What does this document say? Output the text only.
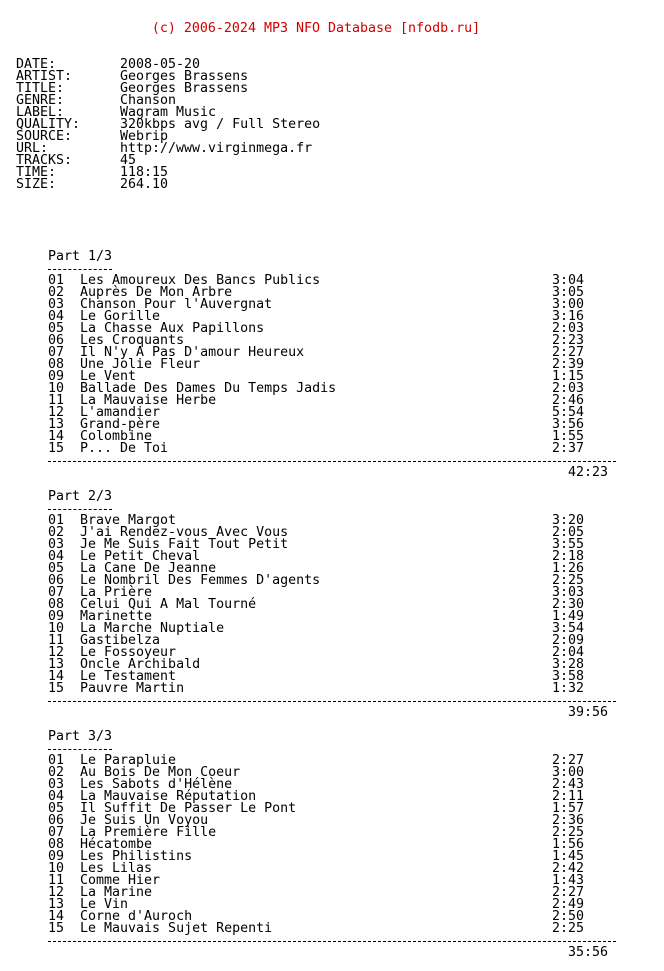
(c) 2006-2024 MP3 NFO Database [nfodb.ru]

DATE:	2008-05-20
ARTIST:	Georges Brassens
TITLE:	Georges Brassens
GENRE:	Chanson
LABEL:	Wagram Music
QUALITY:	320kbps avg / Full Stereo
SOURCE:	Webrip
URL:	http://www.virginmega.fr
TRACKS:	45
TIME:	118:15
SIZE:	264.10

Part 1/3
01 Les Amoureux Des Bancs Publics	3:04
02 Auprès De Mon Arbre	3:05
03 Chanson Pour l'Auvergnat	3:00
04 Le Gorille	3:16
05 La Chasse Aux Papillons	2:03
06 Les Croquants	2:23
07 Il N'y A Pas D'amour Heureux	2:27
08 Une Jolie Fleur	2:39
09 Le Vent	1:15
10 Ballade Des Dames Du Temps Jadis	2:03
11 La Mauvaise Herbe	2:46
12 L'amandier	5:54
13 Grand-père	3:56
14 Colombine	1:55
15 P... De Toi	2:37
42:23
Part 2/3
01 Brave Margot	3:20
02 J'ai Rendez-vous Avec Vous	2:05
03 Je Me Suis Fait Tout Petit	3:55
04 Le Petit Cheval	2:18
05 La Cane De Jeanne	1:26
06 Le Nombril Des Femmes D'agents	2:25
07 La Prière	3:03
08 Celui Qui A Mal Tourné	2:30
09 Marinette	1:49
10 La Marche Nuptiale	3:54
11 Gastibelza	2:09
12 Le Fossoyeur	2:04
13 Oncle Archibald	3:28
14 Le Testament	3:58
15 Pauvre Martin	1:32
39:56
Part 3/3
01 Le Parapluie	2:27
02 Au Bois De Mon Coeur	3:00
03 Les Sabots d'Hélène	2:43
04 La Mauvaise Réputation	2:11
05 Il Suffit De Passer Le Pont	1:57
06 Je Suis Un Voyou	2:36
07 La Première Fille	2:25
08 Hécatombe	1:56
09 Les Philistins	1:45
10 Les Lilas	2:42
11 Comme Hier	1:43
12 La Marine	2:27
13 Le Vin	2:49
14 Corne d'Auroch	2:50
15 Le Mauvais Sujet Repenti	2:25
35:56
